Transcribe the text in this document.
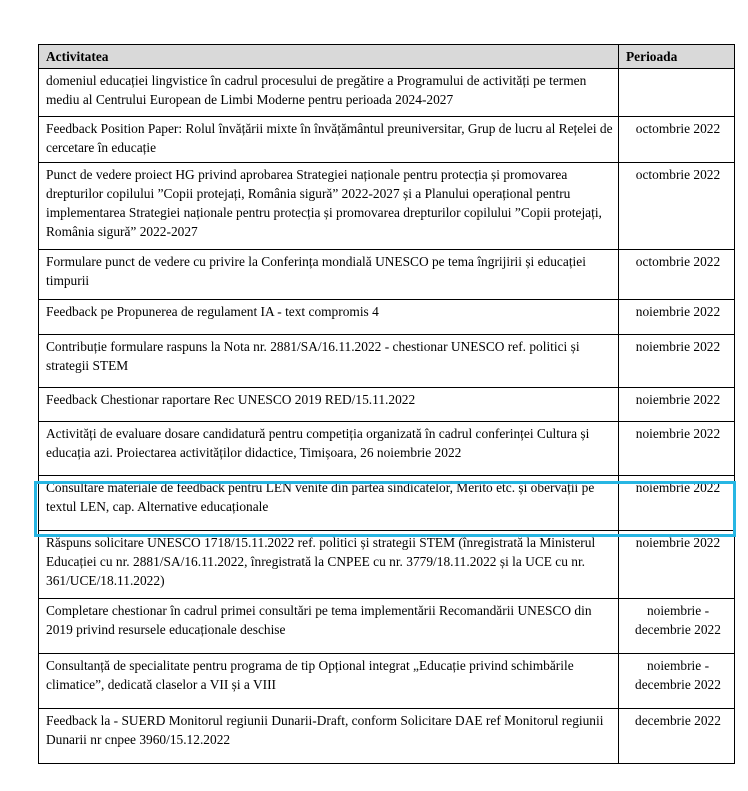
Activitatea	Perioada
domeniul educației lingvistice în cadrul procesului de pregătire a Programului de activități pe termen mediu al Centrului European de Limbi Moderne pentru perioada 2024-2027	
Feedback Position Paper: Rolul învățării mixte în învățământul preuniversitar, Grup de lucru al Rețelei de cercetare în educație	octombrie 2022
Punct de vedere proiect HG privind aprobarea Strategiei naționale pentru protecția și promovarea drepturilor copilului ”Copii protejați, România sigură” 2022-2027 și a Planului operațional pentru implementarea Strategiei naționale pentru protecția și promovarea drepturilor copilului ”Copii protejați, România sigură” 2022-2027	octombrie 2022
Formulare punct de vedere cu privire la Conferința mondială UNESCO pe tema îngrijirii și educației timpurii	octombrie 2022
Feedback pe Propunerea de regulament IA - text compromis 4	noiembrie 2022
Contribuție formulare raspuns la Nota nr. 2881/SA/16.11.2022 - chestionar UNESCO ref. politici și strategii STEM	noiembrie 2022
Feedback Chestionar raportare Rec UNESCO 2019 RED/15.11.2022	noiembrie 2022
Activități de evaluare dosare candidatură pentru competiția organizată în cadrul conferinței Cultura și educația azi. Proiectarea activităților didactice, Timișoara, 26 noiembrie 2022	noiembrie 2022
Consultare materiale de feedback pentru LEN venite din partea sindicatelor, Merito etc. și obervații pe textul LEN, cap. Alternative educaționale	noiembrie 2022
Răspuns solicitare UNESCO 1718/15.11.2022 ref. politici și strategii STEM (înregistrată la Ministerul Educației cu nr. 2881/SA/16.11.2022, înregistrată la CNPEE cu nr. 3779/18.11.2022 și la UCE cu nr. 361/UCE/18.11.2022)	noiembrie 2022
Completare chestionar în cadrul primei consultări pe tema implementării Recomandării UNESCO din 2019 privind resursele educaționale deschise	noiembrie - decembrie 2022
Consultanță de specialitate pentru programa de tip Opțional integrat „Educație privind schimbările climatice”, dedicată claselor a VII și a VIII	noiembrie - decembrie 2022
Feedback la - SUERD Monitorul regiunii Dunarii-Draft, conform Solicitare DAE ref Monitorul regiunii Dunarii nr cnpee 3960/15.12.2022	decembrie 2022
